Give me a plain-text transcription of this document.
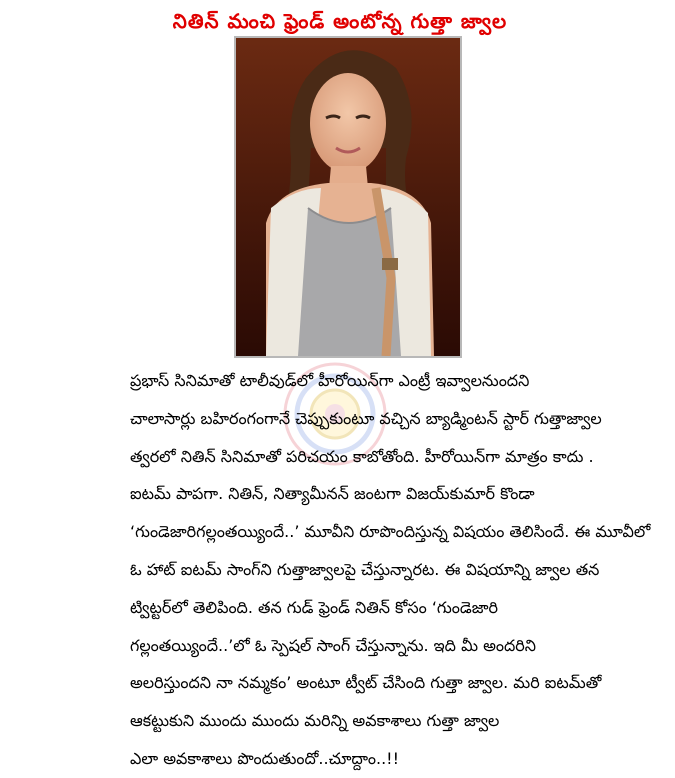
నితిన్ మంచి ఫ్రెండ్ అంటోన్న గుత్తా జ్వాల

ప్రభాస్ సినిమాతో టాలీవుడ్‌లో హీరోయిన్‌గా ఎంట్రీ ఇవ్వాలనుందని

చాలాసార్లు బహిరంగంగానే చెప్పుకుంటూ వచ్చిన బ్యాడ్మింటన్ స్టార్ గుత్తాజ్వాల

త్వరలో నితిన్ సినిమాతో పరిచయం కాబోతోంది. హీరోయిన్‌గా మాత్రం కాదు .

ఐటమ్ పాపగా. నితిన్, నిత్యామీనన్ జంటగా విజయ్‌కుమార్ కొండా

‘గుండెజారిగల్లంతయ్యిందే..’ మూవీని రూపొందిస్తున్న విషయం తెలిసిందే. ఈ మూవీలో

ఓ హాట్ ఐటమ్ సాంగ్‌ని గుత్తాజ్వాలపై చేస్తున్నారట. ఈ విషయాన్ని జ్వాల తన

ట్విట్టర్‌లో తెలిపింది. తన గుడ్ ఫ్రెండ్ నితిన్ కోసం ‘గుండెజారి

గల్లంతయ్యిందే..’లో ఓ స్పెషల్ సాంగ్ చేస్తున్నాను. ఇది మీ అందరిని

అలరిస్తుందని నా నమ్మకం’ అంటూ ట్వీట్ చేసింది గుత్తా జ్వాల. మరి ఐటమ్‌తో

ఆకట్టుకుని ముందు ముందు మరిన్ని అవకాశాలు గుత్తా జ్వాల

ఎలా అవకాశాలు పొందుతుందో..చూద్దాం..!!
